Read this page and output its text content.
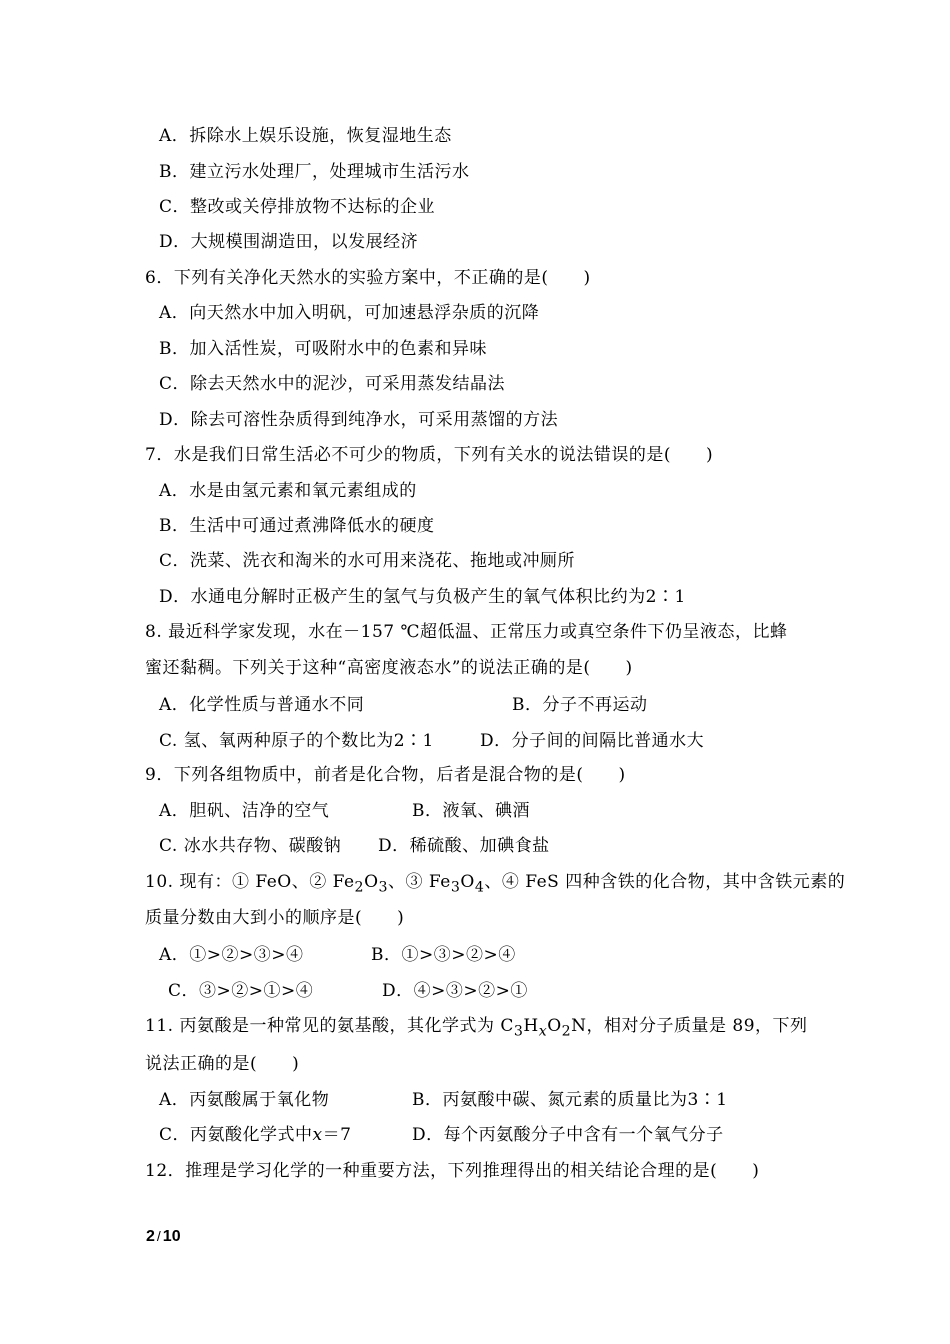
A．拆除水上娱乐设施，恢复湿地生态
B．建立污水处理厂，处理城市生活污水
C．整改或关停排放物不达标的企业
D．大规模围湖造田，以发展经济
6．下列有关净化天然水的实验方案中，不正确的是(　　)
A．向天然水中加入明矾，可加速悬浮杂质的沉降
B．加入活性炭，可吸附水中的色素和异味
C．除去天然水中的泥沙，可采用蒸发结晶法
D．除去可溶性杂质得到纯净水，可采用蒸馏的方法
7．水是我们日常生活必不可少的物质，下列有关水的说法错误的是(　　)
A．水是由氢元素和氧元素组成的
B．生活中可通过煮沸降低水的硬度
C．洗菜、洗衣和淘米的水可用来浇花、拖地或冲厕所
D．水通电分解时正极产生的氢气与负极产生的氧气体积比约为2∶1
8. 最近科学家发现，水在－157 ℃超低温、正常压力或真空条件下仍呈液态，比蜂
蜜还黏稠。下列关于这种“高密度液态水”的说法正确的是(　　)
A．化学性质与普通水不同	B．分子不再运动
C. 氢、氧两种原子的个数比为2∶1	D．分子间的间隔比普通水大
9．下列各组物质中，前者是化合物，后者是混合物的是(　　)
A．胆矾、洁净的空气	B．液氧、碘酒
C. 冰水共存物、碳酸钠 D．稀硫酸、加碘食盐
10. 现有：① FeO、② $Fe_2O_3$、③ $Fe_3O_4$、④ FeS 四种含铁的化合物，其中含铁元素的
质量分数由大到小的顺序是(　　)
A．①>②>③>④	B．①>③>②>④
C．③>②>①>④	D．④>③>②>①
11. 丙氨酸是一种常见的氨基酸，其化学式为 $C_3H_xO_2N$，相对分子质量是 89，下列
说法正确的是(　　)
A．丙氨酸属于氧化物	B．丙氨酸中碳、氮元素的质量比为3∶1
C．丙氨酸化学式中x＝7	D．每个丙氨酸分子中含有一个氧气分子
12．推理是学习化学的一种重要方法，下列推理得出的相关结论合理的是(　　)
2 / 10
